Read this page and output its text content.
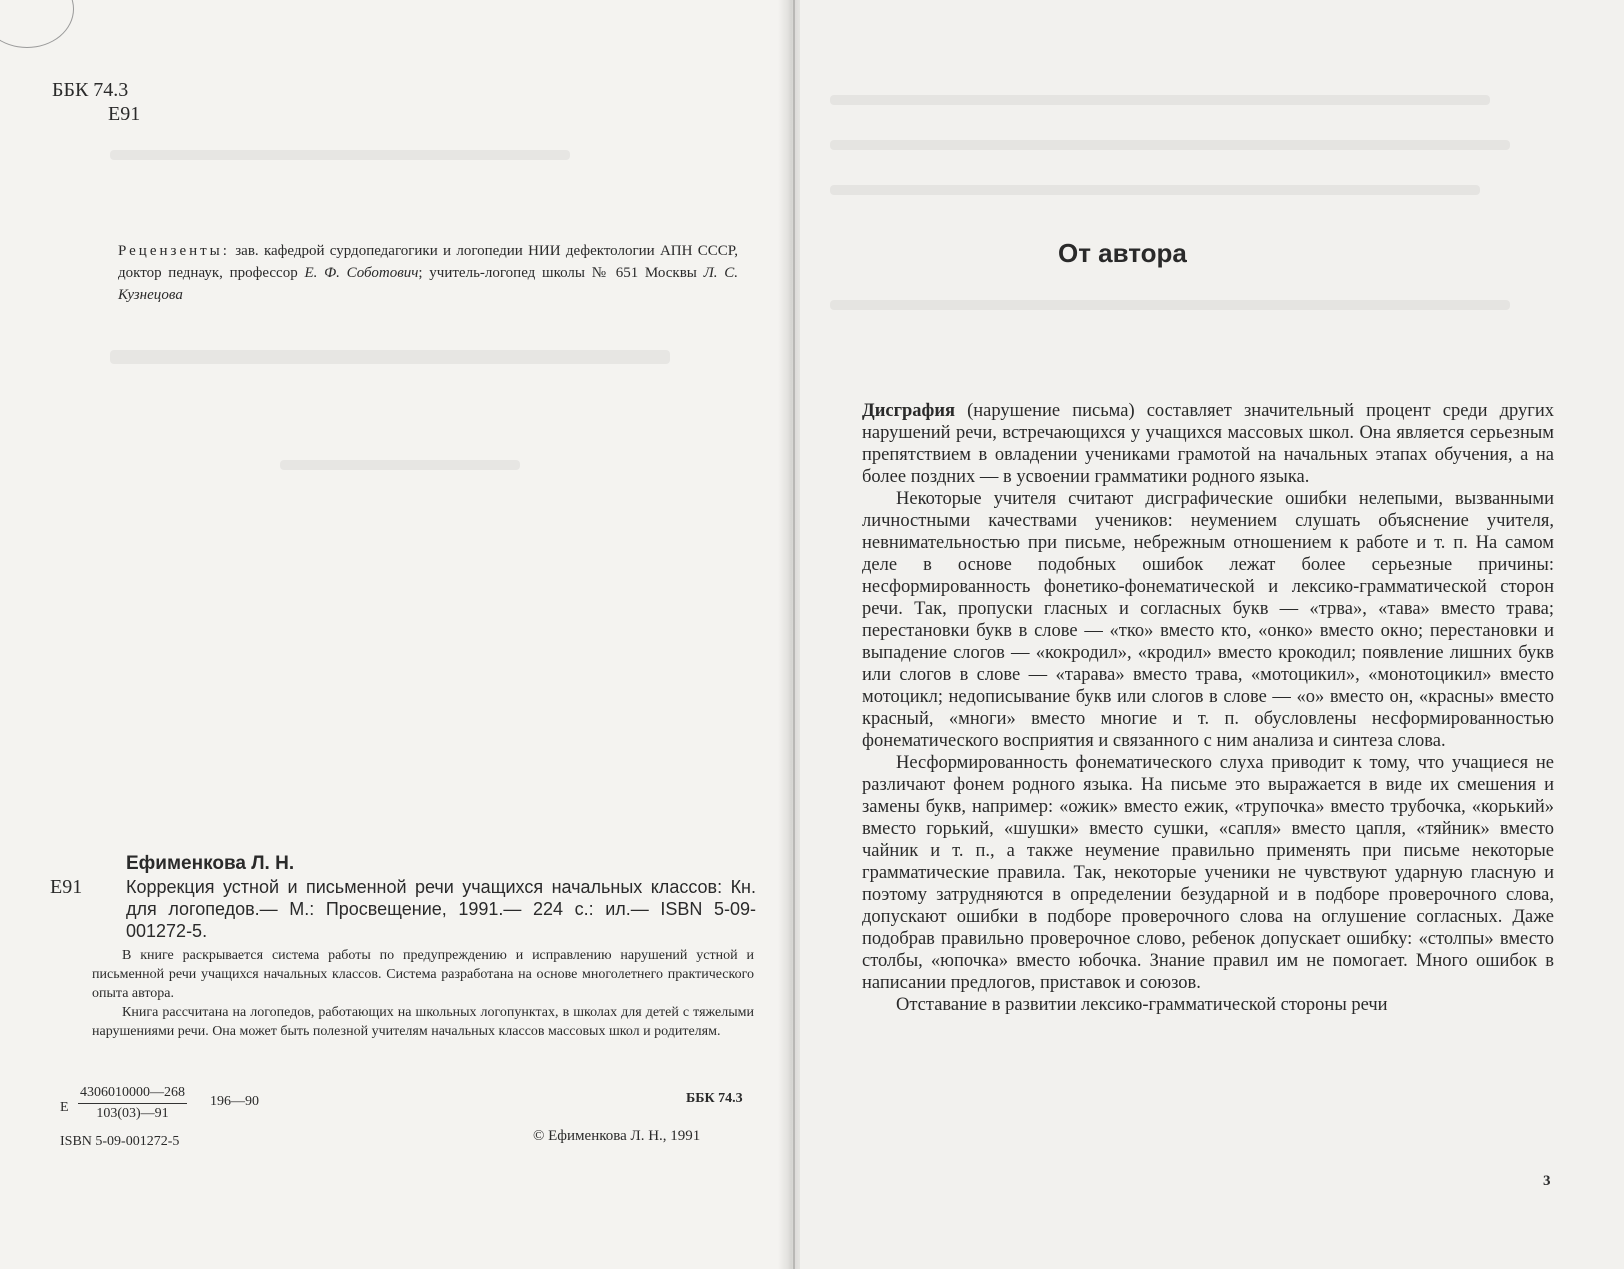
ББК 74.3
Е91
Рецензенты: зав. кафедрой сурдопедагогики и логопедии НИИ дефектологии АПН СССР, доктор педнаук, профессор Е. Ф. Соботович; учитель-логопед школы № 651 Москвы Л. С. Кузнецова
Ефименкова Л. Н.
Е91 Коррекция устной и письменной речи учащихся начальных классов: Кн. для логопедов.— М.: Просвещение, 1991.— 224 с.: ил.— ISBN 5-09-001272-5.

В книге раскрывается система работы по предупреждению и исправлению нарушений устной и письменной речи учащихся начальных классов. Система разработана на основе многолетнего практического опыта автора.

Книга рассчитана на логопедов, работающих на школьных логопунктах, в школах для детей с тяжелыми нарушениями речи. Она может быть полезной учителям начальных классов массовых школ и родителям.

Е $\frac{4306010000—268}{103(03)—91}$ 196—90	ББК 74.3
ISBN 5-09-001272-5	© Ефименкова Л. Н., 1991
От автора

Дисграфия (нарушение письма) составляет значительный процент среди других нарушений речи, встречающихся у учащихся массовых школ. Она является серьезным препятствием в овладении учениками грамотой на начальных этапах обучения, а на более поздних — в усвоении грамматики родного языка.

Некоторые учителя считают дисграфические ошибки нелепыми, вызванными личностными качествами учеников: неумением слушать объяснение учителя, невнимательностью при письме, небрежным отношением к работе и т. п. На самом деле в основе подобных ошибок лежат более серьезные причины: несформированность фонетико-фонематической и лексико-грамматической сторон речи. Так, пропуски гласных и согласных букв — «трва», «тава» вместо трава; перестановки букв в слове — «тко» вместо кто, «онко» вместо окно; перестановки и выпадение слогов — «кокродил», «кродил» вместо крокодил; появление лишних букв или слогов в слове — «тарава» вместо трава, «мотоцикил», «монотоцикил» вместо мотоцикл; недописывание букв или слогов в слове — «о» вместо он, «красны» вместо красный, «многи» вместо многие и т. п. обусловлены несформированностью фонематического восприятия и связанного с ним анализа и синтеза слова.

Несформированность фонематического слуха приводит к тому, что учащиеся не различают фонем родного языка. На письме это выражается в виде их смешения и замены букв, например: «ожик» вместо ежик, «трупочка» вместо трубочка, «корький» вместо горький, «шушки» вместо сушки, «сапля» вместо цапля, «тяйник» вместо чайник и т. п., а также неумение правильно применять при письме некоторые грамматические правила. Так, некоторые ученики не чувствуют ударную гласную и поэтому затрудняются в определении безударной и в подборе проверочного слова, допускают ошибки в подборе проверочного слова на оглушение согласных. Даже подобрав правильно проверочное слово, ребенок допускает ошибку: «столпы» вместо столбы, «юпочка» вместо юбочка. Знание правил им не помогает. Много ошибок в написании предлогов, приставок и союзов.

Отставание в развитии лексико-грамматической стороны речи

3
